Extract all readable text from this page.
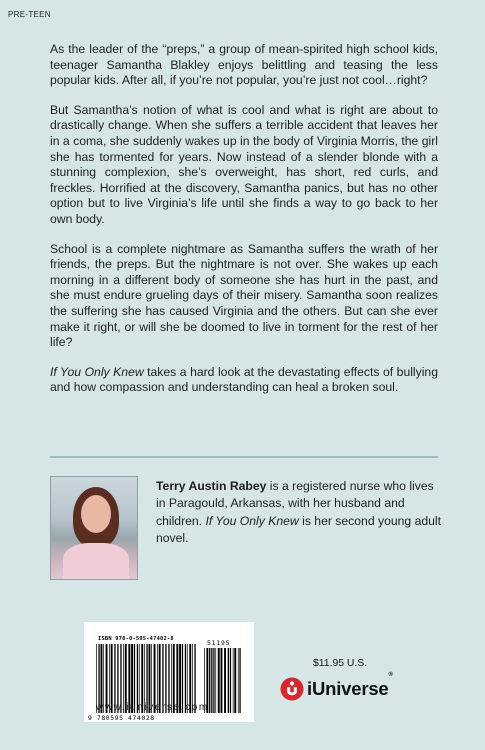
PRE-TEEN

As the leader of the “preps,” a group of mean-spirited high school kids, teenager Samantha Blakley enjoys belittling and teasing the less popular kids. After all, if you’re not popular, you’re just not cool…right?

But Samantha’s notion of what is cool and what is right are about to drastically change. When she suffers a terrible accident that leaves her in a coma, she suddenly wakes up in the body of Virginia Morris, the girl she has tormented for years. Now instead of a slender blonde with a stunning complexion, she’s overweight, has short, red curls, and freckles. Horrified at the discovery, Samantha panics, but has no other option but to live Virginia’s life until she finds a way to go back to her own body.

School is a complete nightmare as Samantha suffers the wrath of her friends, the preps. But the nightmare is not over. She wakes up each morning in a different body of someone she has hurt in the past, and she must endure grueling days of their misery. Samantha soon realizes the suffering she has caused Virginia and the others. But can she ever make it right, or will she be doomed to live in torment for the rest of her life?

If You Only Knew takes a hard look at the devastating effects of bullying and how compassion and understanding can heal a broken soul.

Terry Austin Rabey is a registered nurse who lives in Paragould, Arkansas, with her husband and children. If You Only Knew is her second young adult novel.
ISBN 978-0-595-47402-8	51195
9 780595 474028
www.iuniverse.com
$11.95 U.S.
iUniverse®
